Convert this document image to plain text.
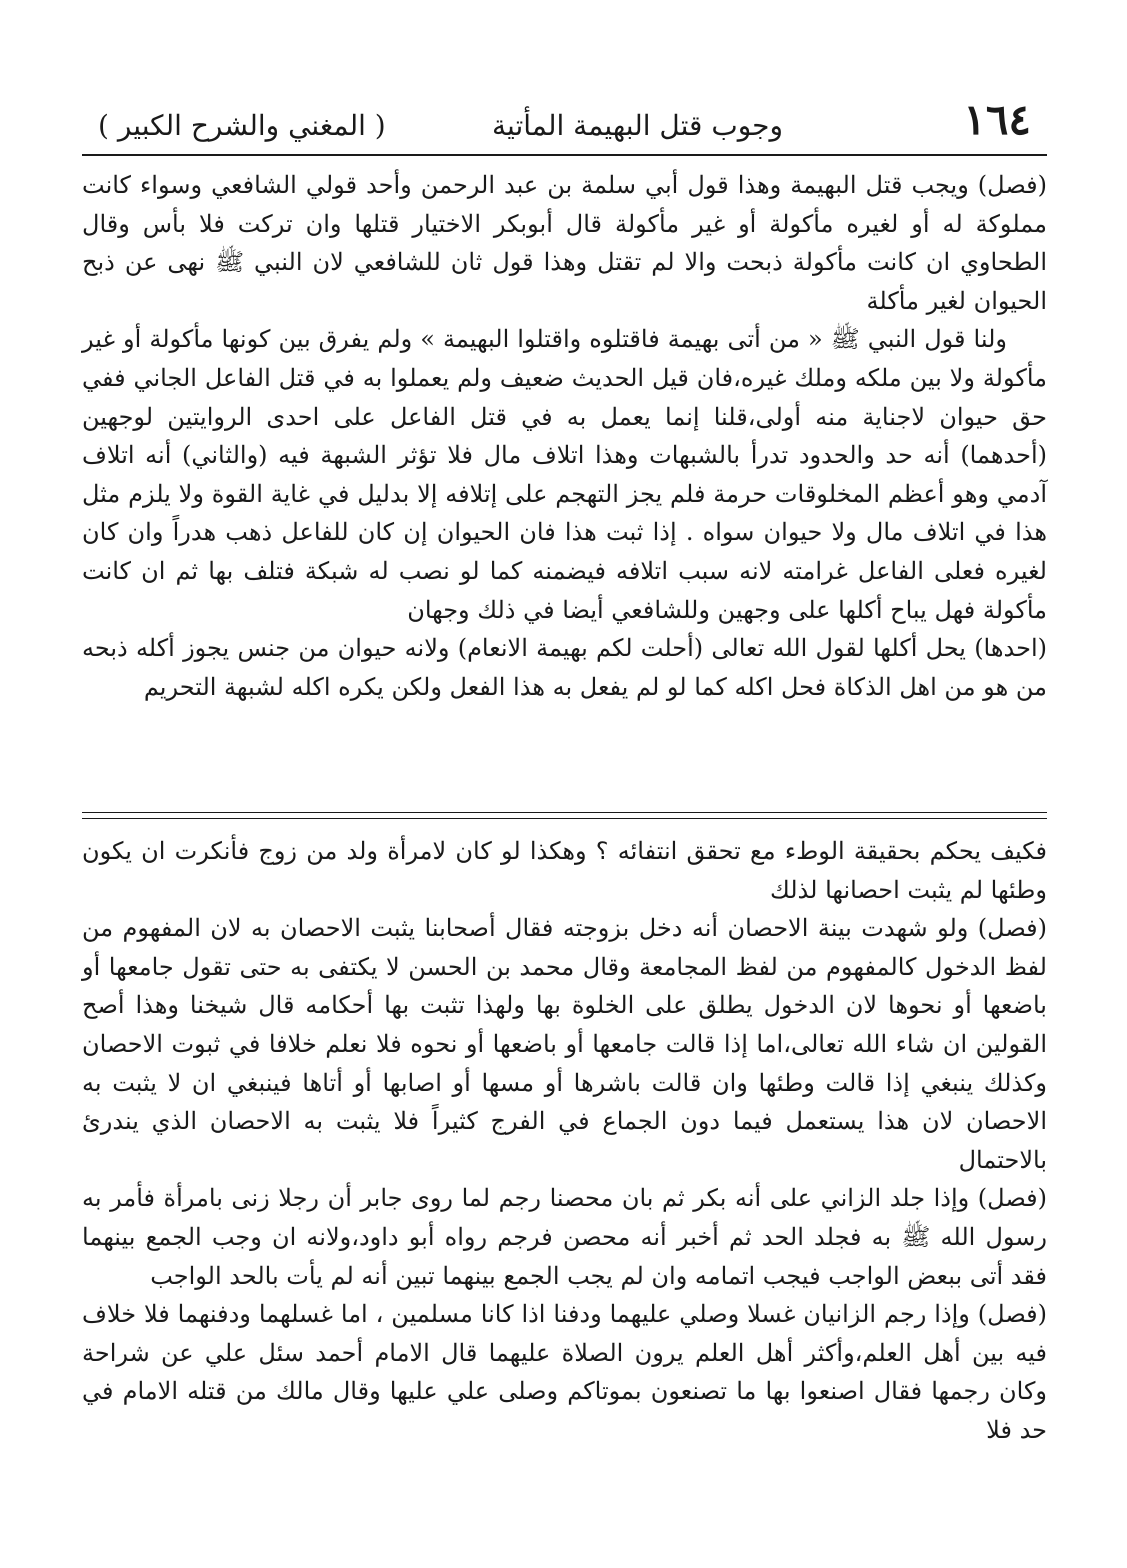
١٦٤
وجوب قتل البهيمة المأتية
( المغني والشرح الكبير )

(فصل) ويجب قتل البهيمة وهذا قول أبي سلمة بن عبد الرحمن وأحد قولي الشافعي وسواء كانت مملوكة له أو لغيره مأكولة أو غير مأكولة قال أبوبكر الاختيار قتلها وان تركت فلا بأس وقال الطحاوي ان كانت مأكولة ذبحت والا لم تقتل وهذا قول ثان للشافعي لان النبي ﷺ نهى عن ذبح الحيوان لغير مأكلة

ولنا قول النبي ﷺ « من أتى بهيمة فاقتلوه واقتلوا البهيمة » ولم يفرق بين كونها مأكولة أو غير مأكولة ولا بين ملكه وملك غيره،فان قيل الحديث ضعيف ولم يعملوا به في قتل الفاعل الجاني ففي حق حيوان لاجناية منه أولى،قلنا إنما يعمل به في قتل الفاعل على احدى الروايتين لوجهين (أحدهما) أنه حد والحدود تدرأ بالشبهات وهذا اتلاف مال فلا تؤثر الشبهة فيه (والثاني) أنه اتلاف آدمي وهو أعظم المخلوقات حرمة فلم يجز التهجم على إتلافه إلا بدليل في غاية القوة ولا يلزم مثل هذا في اتلاف مال ولا حيوان سواه . إذا ثبت هذا فان الحيوان إن كان للفاعل ذهب هدراً وان كان لغيره فعلى الفاعل غرامته لانه سبب اتلافه فيضمنه كما لو نصب له شبكة فتلف بها ثم ان كانت مأكولة فهل يباح أكلها على وجهين وللشافعي أيضا في ذلك وجهان

(احدها) يحل أكلها لقول الله تعالى (أحلت لكم بهيمة الانعام) ولانه حيوان من جنس يجوز أكله ذبحه من هو من اهل الذكاة فحل اكله كما لو لم يفعل به هذا الفعل ولكن يكره اكله لشبهة التحريم

فكيف يحكم بحقيقة الوطء مع تحقق انتفائه ؟ وهكذا لو كان لامرأة ولد من زوج فأنكرت ان يكون وطئها لم يثبت احصانها لذلك

(فصل) ولو شهدت بينة الاحصان أنه دخل بزوجته فقال أصحابنا يثبت الاحصان به لان المفهوم من لفظ الدخول كالمفهوم من لفظ المجامعة وقال محمد بن الحسن لا يكتفى به حتى تقول جامعها أو باضعها أو نحوها لان الدخول يطلق على الخلوة بها ولهذا تثبت بها أحكامه قال شيخنا وهذا أصح القولين ان شاء الله تعالى،اما إذا قالت جامعها أو باضعها أو نحوه فلا نعلم خلافا في ثبوت الاحصان وكذلك ينبغي إذا قالت وطئها وان قالت باشرها أو مسها أو اصابها أو أتاها فينبغي ان لا يثبت به الاحصان لان هذا يستعمل فيما دون الجماع في الفرج كثيراً فلا يثبت به الاحصان الذي يندرئ بالاحتمال

(فصل) وإذا جلد الزاني على أنه بكر ثم بان محصنا رجم لما روى جابر أن رجلا زنى بامرأة فأمر به رسول الله ﷺ به فجلد الحد ثم أخبر أنه محصن فرجم رواه أبو داود،ولانه ان وجب الجمع بينهما فقد أتى ببعض الواجب فيجب اتمامه وان لم يجب الجمع بينهما تبين أنه لم يأت بالحد الواجب

(فصل) وإذا رجم الزانيان غسلا وصلي عليهما ودفنا اذا كانا مسلمين ، اما غسلهما ودفنهما فلا خلاف فيه بين أهل العلم،وأكثر أهل العلم يرون الصلاة عليهما قال الامام أحمد سئل علي عن شراحة وكان رجمها فقال اصنعوا بها ما تصنعون بموتاكم وصلى علي عليها وقال مالك من قتله الامام في حد فلا
